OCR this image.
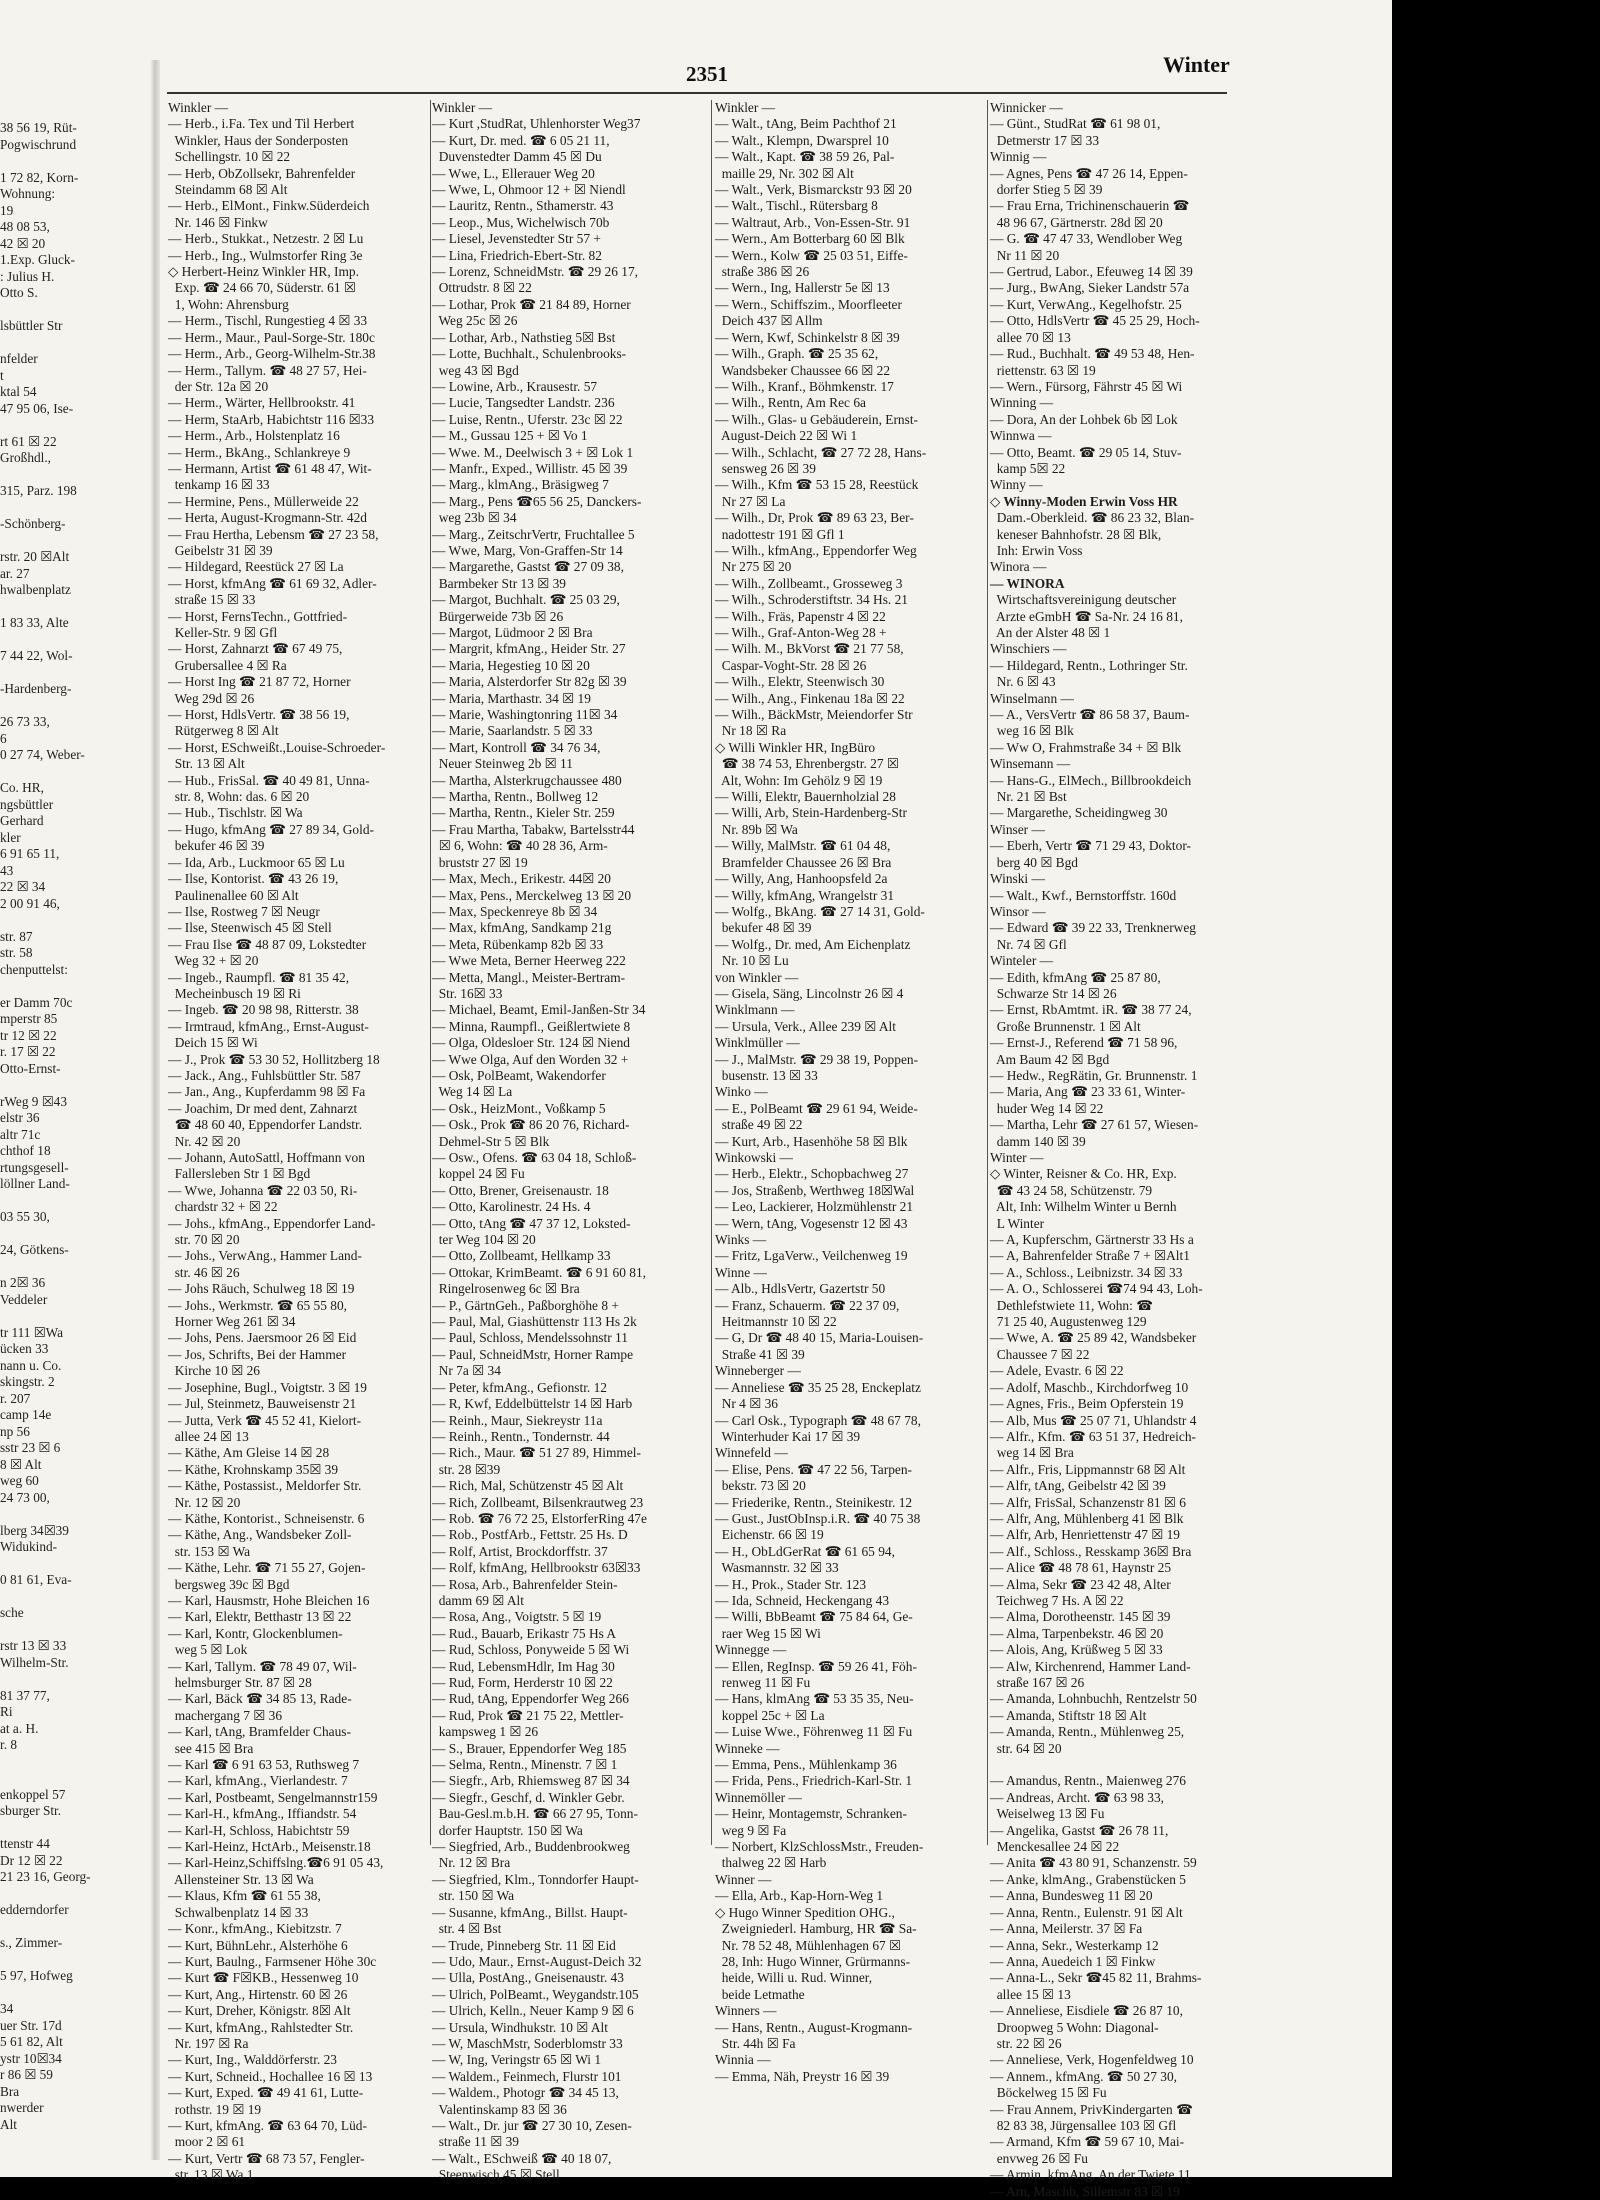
38 56 19, Rüt-
Pogwischrund
1 72 82, Korn-
Wohnung:
19
48 08 53,
42 ☒ 20
1.Exp. Gluck-
: Julius H.
Otto S.
lsbüttler Str
nfelder
t
ktal 54
47 95 06, Ise-
rt 61 ☒ 22
Großhdl.,
315, Parz. 198
-Schönberg-
rstr. 20 ☒Alt
ar. 27
hwalbenplatz
1 83 33, Alte
7 44 22, Wol-
-Hardenberg-
26 73 33,
6
0 27 74, Weber-
Co. HR,
ngsbüttler
Gerhard
kler
6 91 65 11,
43
22 ☒ 34
2 00 91 46,
str. 87
str. 58
chenputtelst:
er Damm 70c
mperstr 85
tr 12 ☒ 22
r. 17 ☒ 22
Otto-Ernst-
rWeg 9 ☒43
elstr 36
altr 71c
chthof 18
rtungsgesell-
löllner Land-
03 55 30,
24, Götkens-
n 2☒ 36
Veddeler
tr 111 ☒Wa
ücken 33
nann u. Co.
skingstr. 2
r. 207
camp 14e
np 56
sstr 23 ☒ 6
8 ☒ Alt
weg 60
24 73 00,
lberg 34☒39
Widukind-
0 81 61, Eva-
sche
rstr 13 ☒ 33
Wilhelm-Str.
81 37 77,
Ri
at a. H.
r. 8
enkoppel 57
sburger Str.
ttenstr 44
Dr 12 ☒ 22
21 23 16, Georg-
edderndorfer
s., Zimmer-
5 97, Hofweg
34
uer Str. 17d
5 61 82, Alt
ystr 10☒34
r 86 ☒ 59
Bra
nwerder
Alt
2351	Winter
Winkler —
— Herb., i.Fa. Tex und Til Herbert
Winkler, Haus der Sonderposten
Schellingstr. 10 ☒ 22
— Herb, ObZollsekr, Bahrenfelder
Steindamm 68 ☒ Alt
— Herb., ElMont., Finkw.Süderdeich
Nr. 146 ☒ Finkw
— Herb., Stukkat., Netzestr. 2 ☒ Lu
— Herb., Ing., Wulmstorfer Ring 3e
◇ Herbert-Heinz Winkler HR, Imp.
Exp. ☎ 24 66 70, Süderstr. 61 ☒
1, Wohn: Ahrensburg
— Herm., Tischl, Rungestieg 4 ☒ 33
— Herm., Maur., Paul-Sorge-Str. 180c
— Herm., Arb., Georg-Wilhelm-Str.38
— Herm., Tallym. ☎ 48 27 57, Hei-
der Str. 12a ☒ 20
— Herm., Wärter, Hellbrookstr. 41
— Herm, StaArb, Habichtstr 116 ☒33
— Herm., Arb., Holstenplatz 16
— Herm., BkAng., Schlankreye 9
— Hermann, Artist ☎ 61 48 47, Wit-
tenkamp 16 ☒ 33
— Hermine, Pens., Müllerweide 22
— Herta, August-Krogmann-Str. 42d
— Frau Hertha, Lebensm ☎ 27 23 58,
Geibelstr 31 ☒ 39
— Hildegard, Reestück 27 ☒ La
— Horst, kfmAng ☎ 61 69 32, Adler-
straße 15 ☒ 33
— Horst, FernsTechn., Gottfried-
Keller-Str. 9 ☒ Gfl
— Horst, Zahnarzt ☎ 67 49 75,
Grubersallee 4 ☒ Ra
— Horst Ing ☎ 21 87 72, Horner
Weg 29d ☒ 26
— Horst, HdlsVertr. ☎ 38 56 19,
Rütgerweg 8 ☒ Alt
— Horst, ESchweißt.,Louise-Schroeder-
Str. 13 ☒ Alt
— Hub., FrisSal. ☎ 40 49 81, Unna-
str. 8, Wohn: das. 6 ☒ 20
— Hub., Tischlstr. ☒ Wa
— Hugo, kfmAng ☎ 27 89 34, Gold-
bekufer 46 ☒ 39
— Ida, Arb., Luckmoor 65 ☒ Lu
— Ilse, Kontorist. ☎ 43 26 19,
Paulinenallee 60 ☒ Alt
— Ilse, Rostweg 7 ☒ Neugr
— Ilse, Steenwisch 45 ☒ Stell
— Frau Ilse ☎ 48 87 09, Lokstedter
Weg 32 + ☒ 20
— Ingeb., Raumpfl. ☎ 81 35 42,
Mecheinbusch 19 ☒ Ri
— Ingeb. ☎ 20 98 98, Ritterstr. 38
— Irmtraud, kfmAng., Ernst-August-
Deich 15 ☒ Wi
— J., Prok ☎ 53 30 52, Hollitzberg 18
— Jack., Ang., Fuhlsbüttler Str. 587
— Jan., Ang., Kupferdamm 98 ☒ Fa
— Joachim, Dr med dent, Zahnarzt
☎ 48 60 40, Eppendorfer Landstr.
Nr. 42 ☒ 20
— Johann, AutoSattl, Hoffmann von
Fallersleben Str 1 ☒ Bgd
— Wwe, Johanna ☎ 22 03 50, Ri-
chardstr 32 + ☒ 22
— Johs., kfmAng., Eppendorfer Land-
str. 70 ☒ 20
— Johs., VerwAng., Hammer Land-
str. 46 ☒ 26
— Johs Räuch, Schulweg 18 ☒ 19
— Johs., Werkmstr. ☎ 65 55 80,
Horner Weg 261 ☒ 34
— Johs, Pens. Jaersmoor 26 ☒ Eid
— Jos, Schrifts, Bei der Hammer
Kirche 10 ☒ 26
— Josephine, Bugl., Voigtstr. 3 ☒ 19
— Jul, Steinmetz, Bauweisenstr 21
— Jutta, Verk ☎ 45 52 41, Kielort-
allee 24 ☒ 13
— Käthe, Am Gleise 14 ☒ 28
— Käthe, Krohnskamp 35☒ 39
— Käthe, Postassist., Meldorfer Str.
Nr. 12 ☒ 20
— Käthe, Kontorist., Schneisenstr. 6
— Käthe, Ang., Wandsbeker Zoll-
str. 153 ☒ Wa
— Käthe, Lehr. ☎ 71 55 27, Gojen-
bergsweg 39c ☒ Bgd
— Karl, Hausmstr, Hohe Bleichen 16
— Karl, Elektr, Betthastr 13 ☒ 22
— Karl, Kontr, Glockenblumen-
weg 5 ☒ Lok
— Karl, Tallym. ☎ 78 49 07, Wil-
helmsburger Str. 87 ☒ 28
— Karl, Bäck ☎ 34 85 13, Rade-
machergang 7 ☒ 36
— Karl, tAng, Bramfelder Chaus-
see 415 ☒ Bra
— Karl ☎ 6 91 63 53, Ruthsweg 7
— Karl, kfmAng., Vierlandestr. 7
— Karl, Postbeamt, Sengelmannstr159
— Karl-H., kfmAng., Iffiandstr. 54
— Karl-H, Schloss, Habichtstr 59
— Karl-Heinz, HctArb., Meisenstr.18
— Karl-Heinz,Schiffslng.☎6 91 05 43,
Allensteiner Str. 13 ☒ Wa
— Klaus, Kfm ☎ 61 55 38,
Schwalbenplatz 14 ☒ 33
— Konr., kfmAng., Kiebitzstr. 7
— Kurt, BühnLehr., Alsterhöhe 6
— Kurt, Baulng., Farmsener Höhe 30c
— Kurt ☎ F☒KB., Hessenweg 10
— Kurt, Ang., Hirtenstr. 60 ☒ 26
— Kurt, Dreher, Königstr. 8☒ Alt
— Kurt, kfmAng., Rahlstedter Str.
Nr. 197 ☒ Ra
— Kurt, Ing., Walddörferstr. 23
— Kurt, Schneid., Hochallee 16 ☒ 13
— Kurt, Exped. ☎ 49 41 61, Lutte-
rothstr. 19 ☒ 19
— Kurt, kfmAng. ☎ 63 64 70, Lüd-
moor 2 ☒ 61
— Kurt, Vertr ☎ 68 73 57, Fengler-
str. 13 ☒ Wa 1
Winkler —
— Kurt ,StudRat, Uhlenhorster Weg37
— Kurt, Dr. med. ☎ 6 05 21 11,
Duvenstedter Damm 45 ☒ Du
— Wwe, L., Ellerauer Weg 20
— Wwe, L, Ohmoor 12 + ☒ Niendl
— Lauritz, Rentn., Sthamerstr. 43
— Leop., Mus, Wichelwisch 70b
— Liesel, Jevenstedter Str 57 +
— Lina, Friedrich-Ebert-Str. 82
— Lorenz, SchneidMstr. ☎ 29 26 17,
Ottrudstr. 8 ☒ 22
— Lothar, Prok ☎ 21 84 89, Horner
Weg 25c ☒ 26
— Lothar, Arb., Nathstieg 5☒ Bst
— Lotte, Buchhalt., Schulenbrooks-
weg 43 ☒ Bgd
— Lowine, Arb., Krausestr. 57
— Lucie, Tangsedter Landstr. 236
— Luise, Rentn., Uferstr. 23c ☒ 22
— M., Gussau 125 + ☒ Vo 1
— Wwe. M., Deelwisch 3 + ☒ Lok 1
— Manfr., Exped., Willistr. 45 ☒ 39
— Marg., klmAng., Bräsigweg 7
— Marg., Pens ☎65 56 25, Danckers-
weg 23b ☒ 34
— Marg., ZeitschrVertr, Fruchtallee 5
— Wwe, Marg, Von-Graffen-Str 14
— Margarethe, Gastst ☎ 27 09 38,
Barmbeker Str 13 ☒ 39
— Margot, Buchhalt. ☎ 25 03 29,
Bürgerweide 73b ☒ 26
— Margot, Lüdmoor 2 ☒ Bra
— Margrit, kfmAng., Heider Str. 27
— Maria, Hegestieg 10 ☒ 20
— Maria, Alsterdorfer Str 82g ☒ 39
— Maria, Marthastr. 34 ☒ 19
— Marie, Washingtonring 11☒ 34
— Marie, Saarlandstr. 5 ☒ 33
— Mart, Kontroll ☎ 34 76 34,
Neuer Steinweg 2b ☒ 11
— Martha, Alsterkrugchaussee 480
— Martha, Rentn., Bollweg 12
— Martha, Rentn., Kieler Str. 259
— Frau Martha, Tabakw, Bartelsstr44
☒ 6, Wohn: ☎ 40 28 36, Arm-
bruststr 27 ☒ 19
— Max, Mech., Erikestr. 44☒ 20
— Max, Pens., Merckelweg 13 ☒ 20
— Max, Speckenreye 8b ☒ 34
— Max, kfmAng, Sandkamp 21g
— Meta, Rübenkamp 82b ☒ 33
— Wwe Meta, Berner Heerweg 222
— Metta, Mangl., Meister-Bertram-
Str. 16☒ 33
— Michael, Beamt, Emil-Janßen-Str 34
— Minna, Raumpfl., Geißlertwiete 8
— Olga, Oldesloer Str. 124 ☒ Niend
— Wwe Olga, Auf den Worden 32 +
— Osk, PolBeamt, Wakendorfer
Weg 14 ☒ La
— Osk., HeizMont., Voßkamp 5
— Osk., Prok ☎ 86 20 76, Richard-
Dehmel-Str 5 ☒ Blk
— Osw., Ofens. ☎ 63 04 18, Schloß-
koppel 24 ☒ Fu
— Otto, Brener, Greisenaustr. 18
— Otto, Karolinestr. 24 Hs. 4
— Otto, tAng ☎ 47 37 12, Loksted-
ter Weg 104 ☒ 20
— Otto, Zollbeamt, Hellkamp 33
— Ottokar, KrimBeamt. ☎ 6 91 60 81,
Ringelrosenweg 6c ☒ Bra
— P., GärtnGeh., Paßborghöhe 8 +
— Paul, Mal, Giashüttenstr 113 Hs 2k
— Paul, Schloss, Mendelssohnstr 11
— Paul, SchneidMstr, Horner Rampe
Nr 7a ☒ 34
— Peter, kfmAng., Gefionstr. 12
— R, Kwf, Eddelbüttelstr 14 ☒ Harb
— Reinh., Maur, Siekreystr 11a
— Reinh., Rentn., Tondernstr. 44
— Rich., Maur. ☎ 51 27 89, Himmel-
str. 28 ☒39
— Rich, Mal, Schützenstr 45 ☒ Alt
— Rich, Zollbeamt, Bilsenkrautweg 23
— Rob. ☎ 76 72 25, ElstorferRing 47e
— Rob., PostfArb., Fettstr. 25 Hs. D
— Rolf, Artist, Brockdorffstr. 37
— Rolf, kfmAng, Hellbrookstr 63☒33
— Rosa, Arb., Bahrenfelder Stein-
damm 69 ☒ Alt
— Rosa, Ang., Voigtstr. 5 ☒ 19
— Rud., Bauarb, Erikastr 75 Hs A
— Rud, Schloss, Ponyweide 5 ☒ Wi
— Rud, LebensmHdlr, Im Hag 30
— Rud, Form, Herderstr 10 ☒ 22
— Rud, tAng, Eppendorfer Weg 266
— Rud, Prok ☎ 21 75 22, Mettler-
kampsweg 1 ☒ 26
— S., Brauer, Eppendorfer Weg 185
— Selma, Rentn., Minenstr. 7 ☒ 1
— Siegfr., Arb, Rhiemsweg 87 ☒ 34
— Siegfr., Geschf, d. Winkler Gebr.
Bau-Gesl.m.b.H. ☎ 66 27 95, Tonn-
dorfer Hauptstr. 150 ☒ Wa
— Siegfried, Arb., Buddenbrookweg
Nr. 12 ☒ Bra
— Siegfried, Klm., Tonndorfer Haupt-
str. 150 ☒ Wa
— Susanne, kfmAng., Billst. Haupt-
str. 4 ☒ Bst
— Trude, Pinneberg Str. 11 ☒ Eid
— Udo, Maur., Ernst-August-Deich 32
— Ulla, PostAng., Gneisenaustr. 43
— Ulrich, PolBeamt., Weygandstr.105
— Ulrich, Kelln., Neuer Kamp 9 ☒ 6
— Ursula, Windhukstr. 10 ☒ Alt
— W, MaschMstr, Soderblomstr 33
— W, Ing, Veringstr 65 ☒ Wi 1
— Waldem., Feinmech, Flurstr 101
— Waldem., Photogr ☎ 34 45 13,
Valentinskamp 83 ☒ 36
— Walt., Dr. jur ☎ 27 30 10, Zesen-
straße 11 ☒ 39
— Walt., ESchweiß ☎ 40 18 07,
Steenwisch 45 ☒ Stell
Winkler —
— Walt., tAng, Beim Pachthof 21
— Walt., Klempn, Dwarsprel 10
— Walt., Kapt. ☎ 38 59 26, Pal-
maille 29, Nr. 302 ☒ Alt
— Walt., Verk, Bismarckstr 93 ☒ 20
— Walt., Tischl., Rütersbarg 8
— Waltraut, Arb., Von-Essen-Str. 91
— Wern., Am Botterbarg 60 ☒ Blk
— Wern., Kolw ☎ 25 03 51, Eiffe-
straße 386 ☒ 26
— Wern., Ing, Hallerstr 5e ☒ 13
— Wern., Schiffszim., Moorfleeter
Deich 437 ☒ Allm
— Wern, Kwf, Schinkelstr 8 ☒ 39
— Wilh., Graph. ☎ 25 35 62,
Wandsbeker Chaussee 66 ☒ 22
— Wilh., Kranf., Böhmkenstr. 17
— Wilh., Rentn, Am Rec 6a
— Wilh., Glas- u Gebäuderein, Ernst-
August-Deich 22 ☒ Wi 1
— Wilh., Schlacht, ☎ 27 72 28, Hans-
sensweg 26 ☒ 39
— Wilh., Kfm ☎ 53 15 28, Reestück
Nr 27 ☒ La
— Wilh., Dr, Prok ☎ 89 63 23, Ber-
nadottestr 191 ☒ Gfl 1
— Wilh., kfmAng., Eppendorfer Weg
Nr 275 ☒ 20
— Wilh., Zollbeamt., Grosseweg 3
— Wilh., Schroderstiftstr. 34 Hs. 21
— Wilh., Fräs, Papenstr 4 ☒ 22
— Wilh., Graf-Anton-Weg 28 +
— Wilh. M., BkVorst ☎ 21 77 58,
Caspar-Voght-Str. 28 ☒ 26
— Wilh., Elektr, Steenwisch 30
— Wilh., Ang., Finkenau 18a ☒ 22
— Wilh., BäckMstr, Meiendorfer Str
Nr 18 ☒ Ra
◇ Willi Winkler HR, IngBüro
☎ 38 74 53, Ehrenbergstr. 27 ☒
Alt, Wohn: Im Gehölz 9 ☒ 19
— Willi, Elektr, Bauernholzial 28
— Willi, Arb, Stein-Hardenberg-Str
Nr. 89b ☒ Wa
— Willy, MalMstr. ☎ 61 04 48,
Bramfelder Chaussee 26 ☒ Bra
— Willy, Ang, Hanhoopsfeld 2a
— Willy, kfmAng, Wrangelstr 31
— Wolfg., BkAng. ☎ 27 14 31, Gold-
bekufer 48 ☒ 39
— Wolfg., Dr. med, Am Eichenplatz
Nr. 10 ☒ Lu
von Winkler —
— Gisela, Säng, Lincolnstr 26 ☒ 4
Winklmann —
— Ursula, Verk., Allee 239 ☒ Alt
Winklmüller —
— J., MalMstr. ☎ 29 38 19, Poppen-
busenstr. 13 ☒ 33
Winko —
— E., PolBeamt ☎ 29 61 94, Weide-
straße 49 ☒ 22
— Kurt, Arb., Hasenhöhe 58 ☒ Blk
Winkowski —
— Herb., Elektr., Schopbachweg 27
— Jos, Straßenb, Werthweg 18☒Wal
— Leo, Lackierer, Holzmühlenstr 21
— Wern, tAng, Vogesenstr 12 ☒ 43
Winks —
— Fritz, LgaVerw., Veilchenweg 19
Winne —
— Alb., HdlsVertr, Gazertstr 50
— Franz, Schauerm. ☎ 22 37 09,
Heitmannstr 10 ☒ 22
— G, Dr ☎ 48 40 15, Maria-Louisen-
Straße 41 ☒ 39
Winneberger —
— Anneliese ☎ 35 25 28, Enckeplatz
Nr 4 ☒ 36
— Carl Osk., Typograph ☎ 48 67 78,
Winterhuder Kai 17 ☒ 39
Winnefeld —
— Elise, Pens. ☎ 47 22 56, Tarpen-
bekstr. 73 ☒ 20
— Friederike, Rentn., Steinikestr. 12
— Gust., JustObInsp.i.R. ☎ 40 75 38
Eichenstr. 66 ☒ 19
— H., ObLdGerRat ☎ 61 65 94,
Wasmannstr. 32 ☒ 33
— H., Prok., Stader Str. 123
— Ida, Schneid, Heckengang 43
— Willi, BbBeamt ☎ 75 84 64, Ge-
raer Weg 15 ☒ Wi
Winnegge —
— Ellen, RegInsp. ☎ 59 26 41, Föh-
renweg 11 ☒ Fu
— Hans, klmAng ☎ 53 35 35, Neu-
koppel 25c + ☒ La
— Luise Wwe., Föhrenweg 11 ☒ Fu
Winneke —
— Emma, Pens., Mühlenkamp 36
— Frida, Pens., Friedrich-Karl-Str. 1
Winnemöller —
— Heinr, Montagemstr, Schranken-
weg 9 ☒ Fa
— Norbert, KlzSchlossMstr., Freuden-
thalweg 22 ☒ Harb
Winner —
— Ella, Arb., Kap-Horn-Weg 1
◇ Hugo Winner Spedition OHG.,
Zweigniederl. Hamburg, HR ☎ Sa-
Nr. 78 52 48, Mühlenhagen 67 ☒
28, Inh: Hugo Winner, Grürmanns-
heide, Willi u. Rud. Winner,
beide Letmathe
Winners —
— Hans, Rentn., August-Krogmann-
Str. 44h ☒ Fa
Winnia —
— Emma, Näh, Preystr 16 ☒ 39
Winnicker —
— Günt., StudRat ☎ 61 98 01,
Detmerstr 17 ☒ 33
Winnig —
— Agnes, Pens ☎ 47 26 14, Eppen-
dorfer Stieg 5 ☒ 39
— Frau Erna, Trichinenschauerin ☎
48 96 67, Gärtnerstr. 28d ☒ 20
— G. ☎ 47 47 33, Wendlober Weg
Nr 11 ☒ 20
— Gertrud, Labor., Efeuweg 14 ☒ 39
— Jurg., BwAng, Sieker Landstr 57a
— Kurt, VerwAng., Kegelhofstr. 25
— Otto, HdlsVertr ☎ 45 25 29, Hoch-
allee 70 ☒ 13
— Rud., Buchhalt. ☎ 49 53 48, Hen-
riettenstr. 63 ☒ 19
— Wern., Fürsorg, Fährstr 45 ☒ Wi
Winning —
— Dora, An der Lohbek 6b ☒ Lok
Winnwa —
— Otto, Beamt. ☎ 29 05 14, Stuv-
kamp 5☒ 22
Winny —
◇ Winny-Moden Erwin Voss HR
Dam.-Oberkleid. ☎ 86 23 32, Blan-
keneser Bahnhofstr. 28 ☒ Blk,
Inh: Erwin Voss
Winora —
— WINORA
Wirtschaftsvereinigung deutscher
Arzte eGmbH ☎ Sa-Nr. 24 16 81,
An der Alster 48 ☒ 1
Winschiers —
— Hildegard, Rentn., Lothringer Str.
Nr. 6 ☒ 43
Winselmann —
— A., VersVertr ☎ 86 58 37, Baum-
weg 16 ☒ Blk
— Ww O, Frahmstraße 34 + ☒ Blk
Winsemann —
— Hans-G., ElMech., Billbrookdeich
Nr. 21 ☒ Bst
— Margarethe, Scheidingweg 30
Winser —
— Eberh, Vertr ☎ 71 29 43, Doktor-
berg 40 ☒ Bgd
Winski —
— Walt., Kwf., Bernstorffstr. 160d
Winsor —
— Edward ☎ 39 22 33, Trenknerweg
Nr. 74 ☒ Gfl
Winteler —
— Edith, kfmAng ☎ 25 87 80,
Schwarze Str 14 ☒ 26
— Ernst, RbAmtmt. iR. ☎ 38 77 24,
Große Brunnenstr. 1 ☒ Alt
— Ernst-J., Referend ☎ 71 58 96,
Am Baum 42 ☒ Bgd
— Hedw., RegRätin, Gr. Brunnenstr. 1
— Maria, Ang ☎ 23 33 61, Winter-
huder Weg 14 ☒ 22
— Martha, Lehr ☎ 27 61 57, Wiesen-
damm 140 ☒ 39
Winter —
◇ Winter, Reisner & Co. HR, Exp.
☎ 43 24 58, Schützenstr. 79
Alt, Inh: Wilhelm Winter u Bernh
L Winter
— A, Kupferschm, Gärtnerstr 33 Hs a
— A, Bahrenfelder Straße 7 + ☒Alt1
— A., Schloss., Leibnizstr. 34 ☒ 33
— A. O., Schlosserei ☎74 94 43, Loh-
Dethlefstwiete 11, Wohn: ☎
71 25 40, Augustenweg 129
— Wwe, A. ☎ 25 89 42, Wandsbeker
Chaussee 7 ☒ 22
— Adele, Evastr. 6 ☒ 22
— Adolf, Maschb., Kirchdorfweg 10
— Agnes, Fris., Beim Opferstein 19
— Alb, Mus ☎ 25 07 71, Uhlandstr 4
— Alfr., Kfm. ☎ 63 51 37, Hedreich-
weg 14 ☒ Bra
— Alfr., Fris, Lippmannstr 68 ☒ Alt
— Alfr, tAng, Geibelstr 42 ☒ 39
— Alfr, FrisSal, Schanzenstr 81 ☒ 6
— Alfr, Ang, Mühlenberg 41 ☒ Blk
— Alfr, Arb, Henriettenstr 47 ☒ 19
— Alf., Schloss., Resskamp 36☒ Bra
— Alice ☎ 48 78 61, Haynstr 25
— Alma, Sekr ☎ 23 42 48, Alter
Teichweg 7 Hs. A ☒ 22
— Alma, Dorotheenstr. 145 ☒ 39
— Alma, Tarpenbekstr. 46 ☒ 20
— Alois, Ang, Krüßweg 5 ☒ 33
— Alw, Kirchenrend, Hammer Land-
straße 167 ☒ 26
— Amanda, Lohnbuchh, Rentzelstr 50
— Amanda, Stiftstr 18 ☒ Alt
— Amanda, Rentn., Mühlenweg 25,
str. 64 ☒ 20

— Amandus, Rentn., Maienweg 276
— Andreas, Archt. ☎ 63 98 33,
Weiselweg 13 ☒ Fu
— Angelika, Gastst ☎ 26 78 11,
Menckesallee 24 ☒ 22
— Anita ☎ 43 80 91, Schanzenstr. 59
— Anke, klmAng., Grabenstücken 5
— Anna, Bundesweg 11 ☒ 20
— Anna, Rentn., Eulenstr. 91 ☒ Alt
— Anna, Meilerstr. 37 ☒ Fa
— Anna, Sekr., Westerkamp 12
— Anna, Auedeich 1 ☒ Finkw
— Anna-L., Sekr ☎45 82 11, Brahms-
allee 15 ☒ 13
— Anneliese, Eisdiele ☎ 26 87 10,
Droopweg 5 Wohn: Diagonal-
str. 22 ☒ 26
— Anneliese, Verk, Hogenfeldweg 10
— Annem., kfmAng. ☎ 50 27 30,
Böckelweg 15 ☒ Fu
— Frau Annem, PrivKindergarten ☎
82 83 38, Jürgensallee 103 ☒ Gfl
— Armand, Kfm ☎ 59 67 10, Mai-
envweg 26 ☒ Fu
— Armin, kfmAng, An der Twiete 11
— Arn, Maschb, Sillemstr 83 ☒ 19
